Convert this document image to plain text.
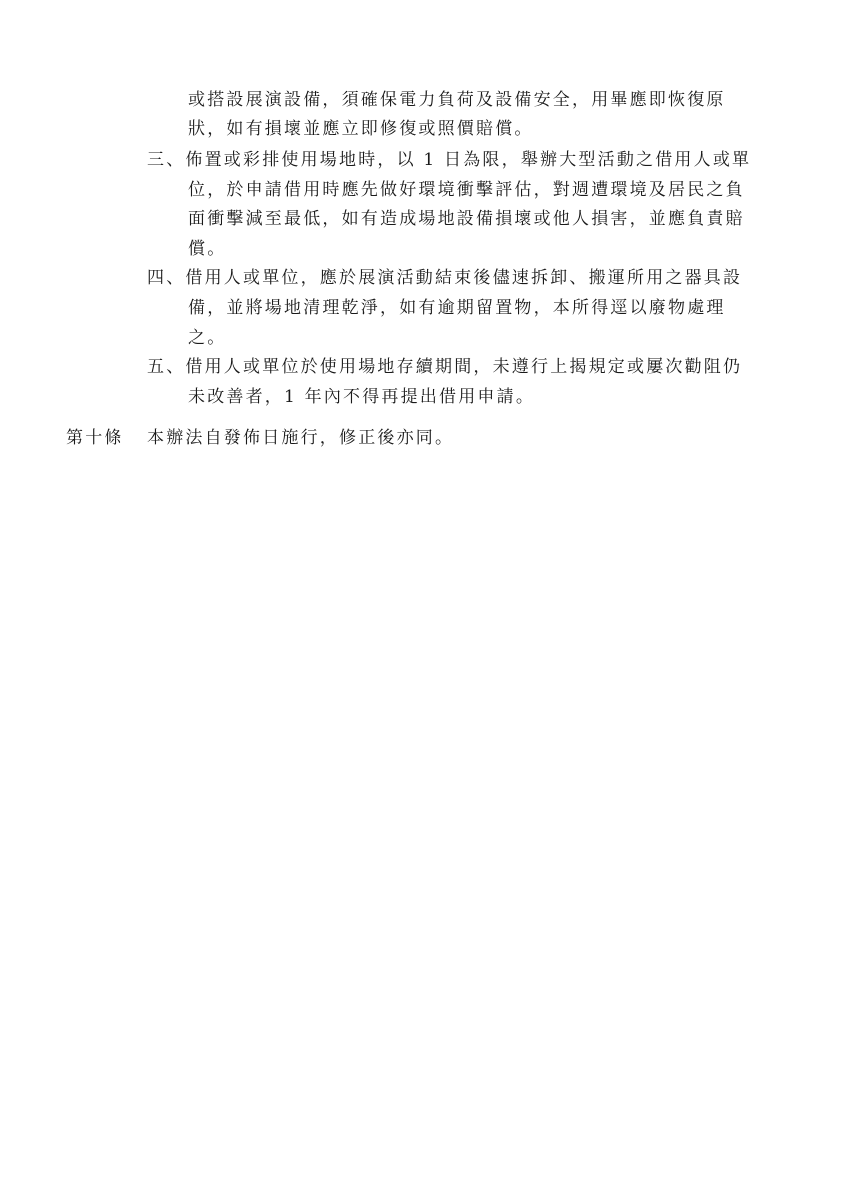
或搭設展演設備，須確保電力負荷及設備安全，用畢應即恢復原
狀，如有損壞並應立即修復或照價賠償。
三、佈置或彩排使用場地時，以 1 日為限，舉辦大型活動之借用人或單
位，於申請借用時應先做好環境衝擊評估，對週遭環境及居民之負
面衝擊減至最低，如有造成場地設備損壞或他人損害，並應負責賠
償。
四、借用人或單位，應於展演活動結束後儘速拆卸、搬運所用之器具設
備，並將場地清理乾淨，如有逾期留置物，本所得逕以廢物處理
之。
五、借用人或單位於使用場地存續期間，未遵行上揭規定或屢次勸阻仍
未改善者，1 年內不得再提出借用申請。
第十條 本辦法自發佈日施行，修正後亦同。
